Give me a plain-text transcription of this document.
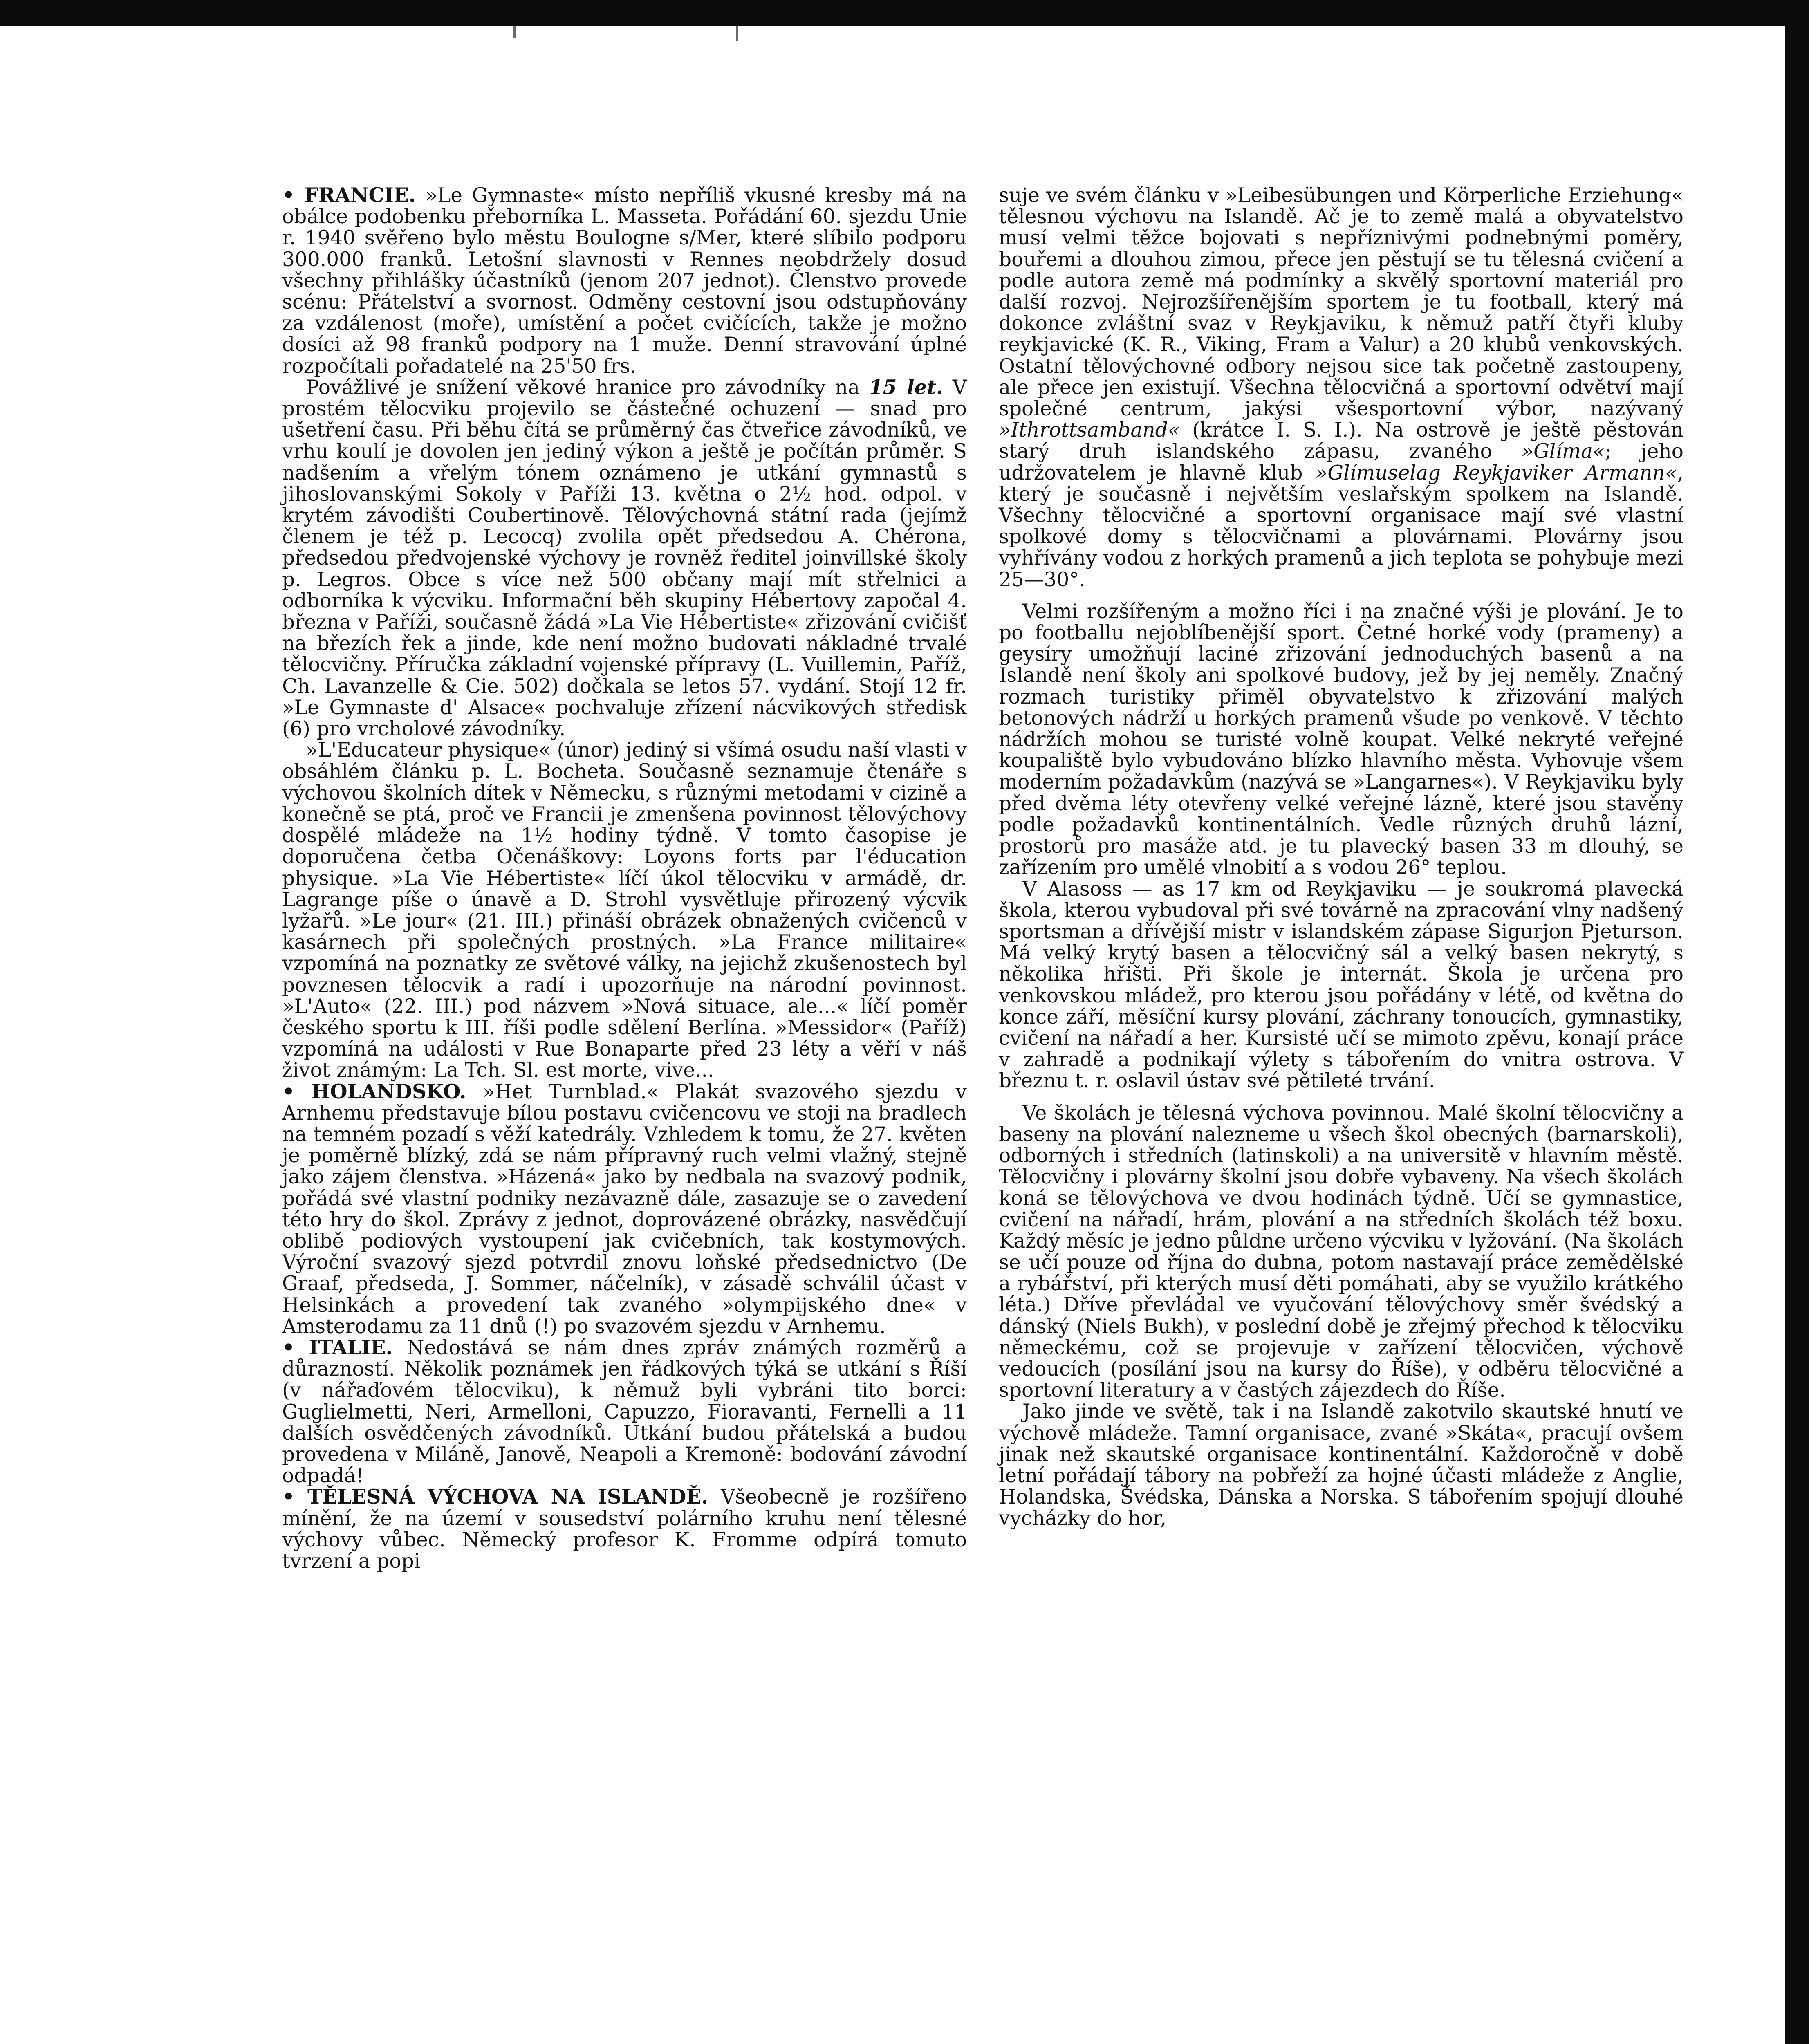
• FRANCIE. »Le Gymnaste« místo nepříliš vkusné kresby má na obálce podobenku přeborníka L. Masseta. Pořádání 60. sjezdu Unie r. 1940 svěřeno bylo městu Boulogne s/Mer, které slíbilo podporu 300.000 franků. Letošní slavnosti v Rennes neobdržely dosud všechny přihlášky účastníků (jenom 207 jednot). Členstvo provede scénu: Přátelství a svornost. Odměny cestovní jsou odstupňovány za vzdálenost (moře), umístění a počet cvičících, takže je možno dosíci až 98 franků podpory na 1 muže. Denní stravování úplné rozpočítali pořadatelé na 25'50 frs.

Povážlivé je snížení věkové hranice pro závodníky na 15 let. V prostém tělocviku projevilo se částečné ochuzení — snad pro ušetření času. Při běhu čítá se průměrný čas čtveřice závodníků, ve vrhu koulí je dovolen jen jediný výkon a ještě je počítán průměr. S nadšením a vřelým tónem oznámeno je utkání gymnastů s jihoslovanskými Sokoly v Paříži 13. května o 2½ hod. odpol. v krytém závodišti Coubertinově. Tělovýchovná státní rada (jejímž členem je též p. Lecocq) zvolila opět předsedou A. Chérona, předsedou předvojenské výchovy je rovněž ředitel joinvillské školy p. Legros. Obce s více než 500 občany mají mít střelnici a odborníka k výcviku. Informační běh skupiny Hébertovy započal 4. března v Paříži, současně žádá »La Vie Hébertiste« zřizování cvičišť na březích řek a jinde, kde není možno budovati nákladné trvalé tělocvičny. Příručka základní vojenské přípravy (L. Vuillemin, Paříž, Ch. Lavanzelle & Cie. 502) dočkala se letos 57. vydání. Stojí 12 fr. »Le Gymnaste d' Alsace« pochvaluje zřízení nácvikových středisk (6) pro vrcholové závodníky.

»L'Educateur physique« (únor) jediný si všímá osudu naší vlasti v obsáhlém článku p. L. Bocheta. Současně seznamuje čtenáře s výchovou školních dítek v Německu, s různými metodami v cizině a konečně se ptá, proč ve Francii je zmenšena povinnost tělovýchovy dospělé mládeže na 1½ hodiny týdně. V tomto časopise je doporučena četba Očenáškovy: Loyons forts par l'éducation physique. »La Vie Hébertiste« líčí úkol tělocviku v armádě, dr. Lagrange píše o únavě a D. Strohl vysvětluje přirozený výcvik lyžařů. »Le jour« (21. III.) přináší obrázek obnažených cvičenců v kasárnech při společných prostných. »La France militaire« vzpomíná na poznatky ze světové války, na jejichž zkušenostech byl povznesen tělocvik a radí i upozorňuje na národní povinnost. »L'Auto« (22. III.) pod názvem »Nová situace, ale...« líčí poměr českého sportu k III. říši podle sdělení Berlína. »Messidor« (Paříž) vzpomíná na události v Rue Bonaparte před 23 léty a věří v náš život známým: La Tch. Sl. est morte, vive...

• HOLANDSKO. »Het Turnblad.« Plakát svazového sjezdu v Arnhemu představuje bílou postavu cvičencovu ve stoji na bradlech na temném pozadí s věží katedrály. Vzhledem k tomu, že 27. květen je poměrně blízký, zdá se nám přípravný ruch velmi vlažný, stejně jako zájem členstva. »Házená« jako by nedbala na svazový podnik, pořádá své vlastní podniky nezávazně dále, zasazuje se o zavedení této hry do škol. Zprávy z jednot, doprovázené obrázky, nasvědčují oblibě podiových vystoupení jak cvičebních, tak kostymových. Výroční svazový sjezd potvrdil znovu loňské předsednictvo (De Graaf, předseda, J. Sommer, náčelník), v zásadě schválil účast v Helsinkách a provedení tak zvaného »olympijského dne« v Amsterodamu za 11 dnů (!) po svazovém sjezdu v Arnhemu.

• ITALIE. Nedostává se nám dnes zpráv známých rozměrů a důrazností. Několik poznámek jen řádkových týká se utkání s Říší (v nářaďovém tělocviku), k němuž byli vybráni tito borci: Guglielmetti, Neri, Armelloni, Capuzzo, Fioravanti, Fernelli a 11 dalších osvědčených závodníků. Utkání budou přátelská a budou provedena v Miláně, Janově, Neapoli a Kremoně: bodování závodní odpadá!

• TĚLESNÁ VÝCHOVA NA ISLANDĚ. Všeobecně je rozšířeno mínění, že na území v sousedství polárního kruhu není tělesné výchovy vůbec. Německý profesor K. Fromme odpírá tomuto tvrzení a popi

suje ve svém článku v »Leibesübungen und Körperliche Erziehung« tělesnou výchovu na Islandě. Ač je to země malá a obyvatelstvo musí velmi těžce bojovati s nepříznivými podnebnými poměry, bouřemi a dlouhou zimou, přece jen pěstují se tu tělesná cvičení a podle autora země má podmínky a skvělý sportovní materiál pro další rozvoj. Nejrozšířenějším sportem je tu football, který má dokonce zvláštní svaz v Reykjaviku, k němuž patří čtyři kluby reykjavické (K. R., Viking, Fram a Valur) a 20 klubů venkovských. Ostatní tělovýchovné odbory nejsou sice tak početně zastoupeny, ale přece jen existují. Všechna tělocvičná a sportovní odvětví mají společné centrum, jakýsi všesportovní výbor, nazývaný »Ithrottsamband« (krátce I. S. I.). Na ostrově je ještě pěstován starý druh islandského zápasu, zvaného »Glíma«; jeho udržovatelem je hlavně klub »Glímuselag Reykjaviker Armann«, který je současně i největším veslařským spolkem na Islandě. Všechny tělocvičné a sportovní organisace mají své vlastní spolkové domy s tělocvičnami a plovárnami. Plovárny jsou vyhřívány vodou z horkých pramenů a jich teplota se pohybuje mezi 25—30°.

Velmi rozšířeným a možno říci i na značné výši je plování. Je to po footballu nejoblíbenější sport. Četné horké vody (prameny) a geysíry umožňují laciné zřizování jednoduchých basenů a na Islandě není školy ani spolkové budovy, jež by jej neměly. Značný rozmach turistiky přiměl obyvatelstvo k zřizování malých betonových nádrží u horkých pramenů všude po venkově. V těchto nádržích mohou se turisté volně koupat. Velké nekryté veřejné koupaliště bylo vybudováno blízko hlavního města. Vyhovuje všem moderním požadavkům (nazývá se »Langarnes«). V Reykjaviku byly před dvěma léty otevřeny velké veřejné lázně, které jsou stavěny podle požadavků kontinentálních. Vedle různých druhů lázní, prostorů pro masáže atd. je tu plavecký basen 33 m dlouhý, se zařízením pro umělé vlnobití a s vodou 26° teplou.

V Alasoss — as 17 km od Reykjaviku — je soukromá plavecká škola, kterou vybudoval při své továrně na zpracování vlny nadšený sportsman a dřívější mistr v islandském zápase Sigurjon Pjeturson. Má velký krytý basen a tělocvičný sál a velký basen nekrytý, s několika hřišti. Při škole je internát. Škola je určena pro venkovskou mládež, pro kterou jsou pořádány v létě, od května do konce září, měsíční kursy plování, záchrany tonoucích, gymnastiky, cvičení na nářadí a her. Kursisté učí se mimoto zpěvu, konají práce v zahradě a podnikají výlety s tábořením do vnitra ostrova. V březnu t. r. oslavil ústav své pětileté trvání.

Ve školách je tělesná výchova povinnou. Malé školní tělocvičny a baseny na plování nalezneme u všech škol obecných (barnarskoli), odborných i středních (latinskoli) a na universitě v hlavním městě. Tělocvičny i plovárny školní jsou dobře vybaveny. Na všech školách koná se tělovýchova ve dvou hodinách týdně. Učí se gymnastice, cvičení na nářadí, hrám, plování a na středních školách též boxu. Každý měsíc je jedno půldne určeno výcviku v lyžování. (Na školách se učí pouze od října do dubna, potom nastavají práce zemědělské a rybářství, při kterých musí děti pomáhati, aby se využilo krátkého léta.) Dříve převládal ve vyučování tělovýchovy směr švédský a dánský (Niels Bukh), v poslední době je zřejmý přechod k tělocviku německému, což se projevuje v zařízení tělocvičen, výchově vedoucích (posílání jsou na kursy do Říše), v odběru tělocvičné a sportovní literatury a v častých zájezdech do Říše.

Jako jinde ve světě, tak i na Islandě zakotvilo skautské hnutí ve výchově mládeže. Tamní organisace, zvané »Skáta«, pracují ovšem jinak než skautské organisace kontinentální. Každoročně v době letní pořádají tábory na pobřeží za hojné účasti mládeže z Anglie, Holandska, Švédska, Dánska a Norska. S tábořením spojují dlouhé vycházky do hor,
